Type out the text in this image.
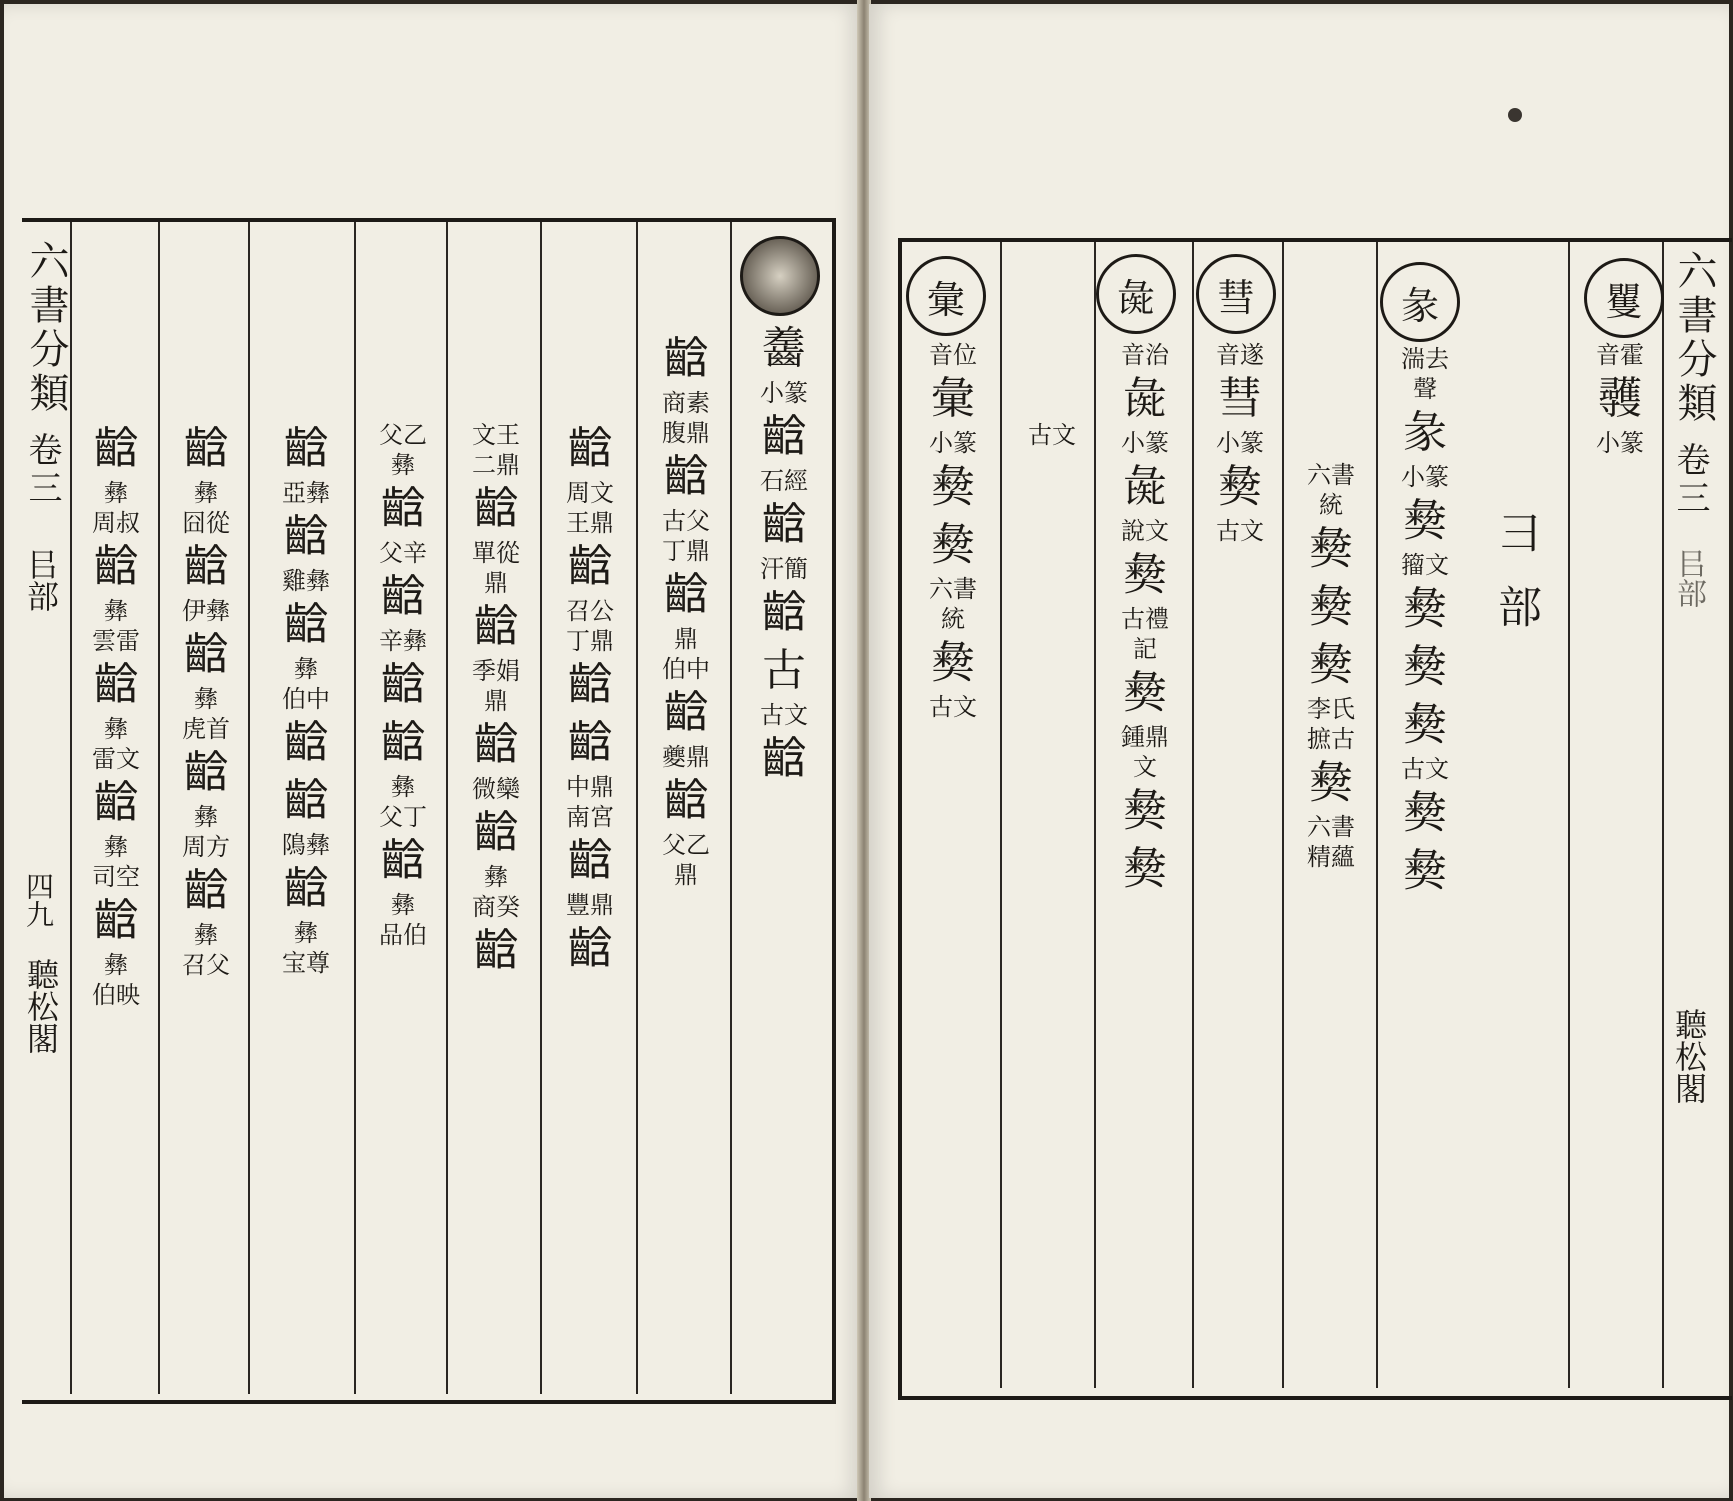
六書分類
卷三
㠯部
四九
聽松閣
齹
小篆
𪘒
石經
𪘒
汗簡
𪘒
古
古文
𪘒
𪘒
商素
腹鼎
𪘒
古父
丁鼎
𪘒
鼎
伯中
𪘒
夔鼎
𪘒
父乙
鼎
𪘒
周文
王鼎
𪘒
召公
丁鼎
𪘒
𪘒
中鼎
南宮
𪘒
豐鼎
𪘒
文王
二鼎
𪘒
單從
鼎
𪘒
季娟
鼎
𪘒
微欒
𪘒
彝
商癸
𪘒
父乙
彝
𪘒
父辛
𪘒
辛彝
𪘒
𪘒
彝
父丁
𪘒
彝
品伯
𪘒
亞彝
𪘒
雞彝
𪘒
彝
伯中
𪘒
𪘒
隝彝
𪘒
彝
宝尊
𪘒
彝
囧從
𪘒
伊彝
𪘒
彝
虎首
𪘒
彝
周方
𪘒
彝
召父
𪘒
彝
周叔
𪘒
彝
雲雷
𪘒
彝
雷文
𪘒
彝
司空
𪘒
彝
伯映
六書分類
卷三
㠯部
聽松閣
彐部
矍
音霍
彠
小篆
彖
湍去
聲
彖
小篆
𢑱
籀文
𢑱
𢑱
𢑱
古文
𢑱
𢑱
六書
統
𢑱
𢑱
𢑱
李氏
摭古
𢑱
六書
精蘊
彗
音遂
彗
小篆
𢑱
古文
彘
音治
彘
小篆
彘
說文
𢑱
古禮
記
𢑱
鍾鼎
文
𢑱
𢑱
彙
音位
彙
小篆
𢑱
𢑱
六書
統
𢑱
古文
古文
